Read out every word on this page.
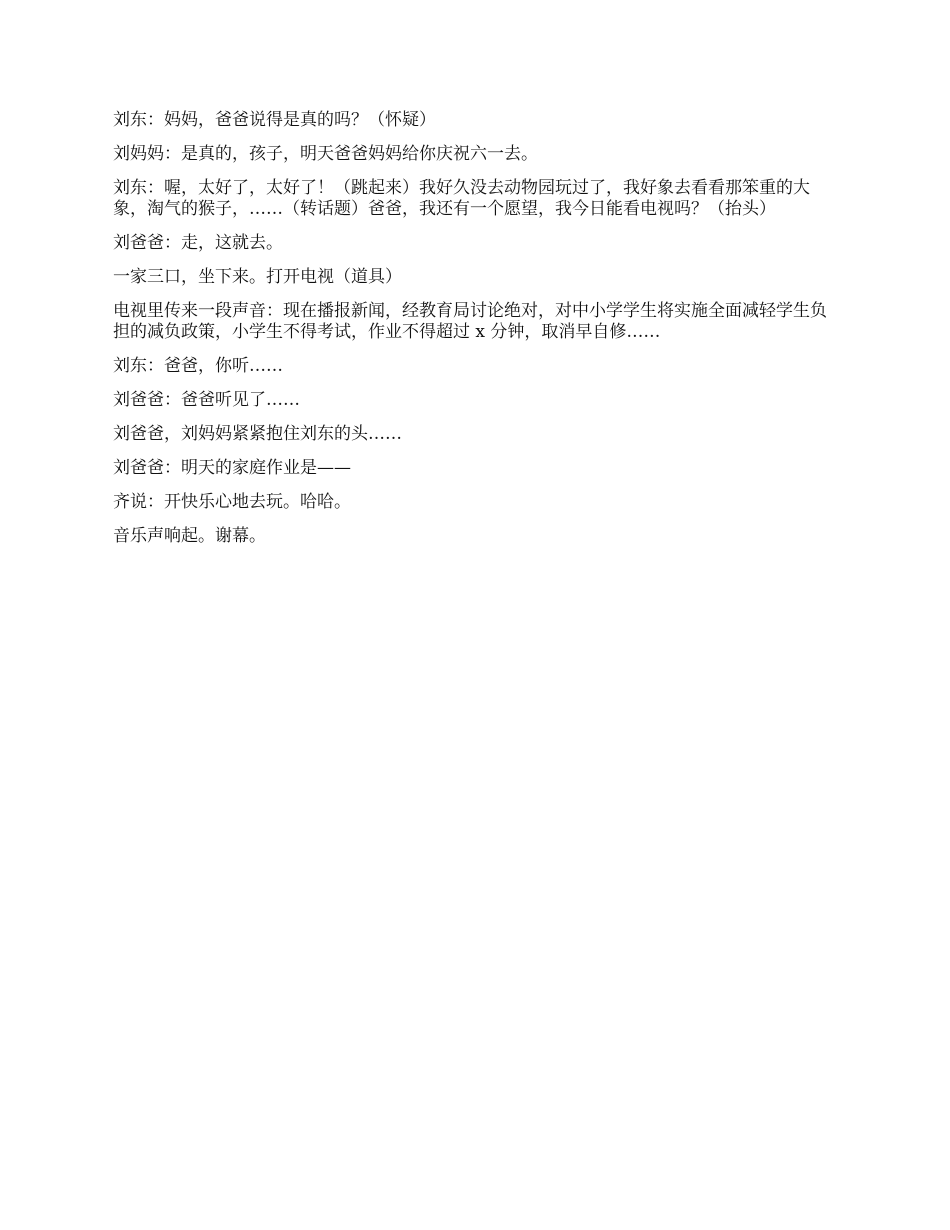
刘东：妈妈，爸爸说得是真的吗？（怀疑）

刘妈妈：是真的，孩子，明天爸爸妈妈给你庆祝六一去。

刘东：喔，太好了，太好了！（跳起来）我好久没去动物园玩过了，我好象去看看那笨重的大象，淘气的猴子，……（转话题）爸爸，我还有一个愿望，我今日能看电视吗？（抬头）

刘爸爸：走，这就去。

一家三口，坐下来。打开电视（道具）

电视里传来一段声音：现在播报新闻，经教育局讨论绝对，对中小学学生将实施全面减轻学生负担的减负政策，小学生不得考试，作业不得超过 x 分钟，取消早自修……

刘东：爸爸，你听……

刘爸爸：爸爸听见了……

刘爸爸，刘妈妈紧紧抱住刘东的头……

刘爸爸：明天的家庭作业是——

齐说：开快乐心地去玩。哈哈。

音乐声响起。谢幕。
